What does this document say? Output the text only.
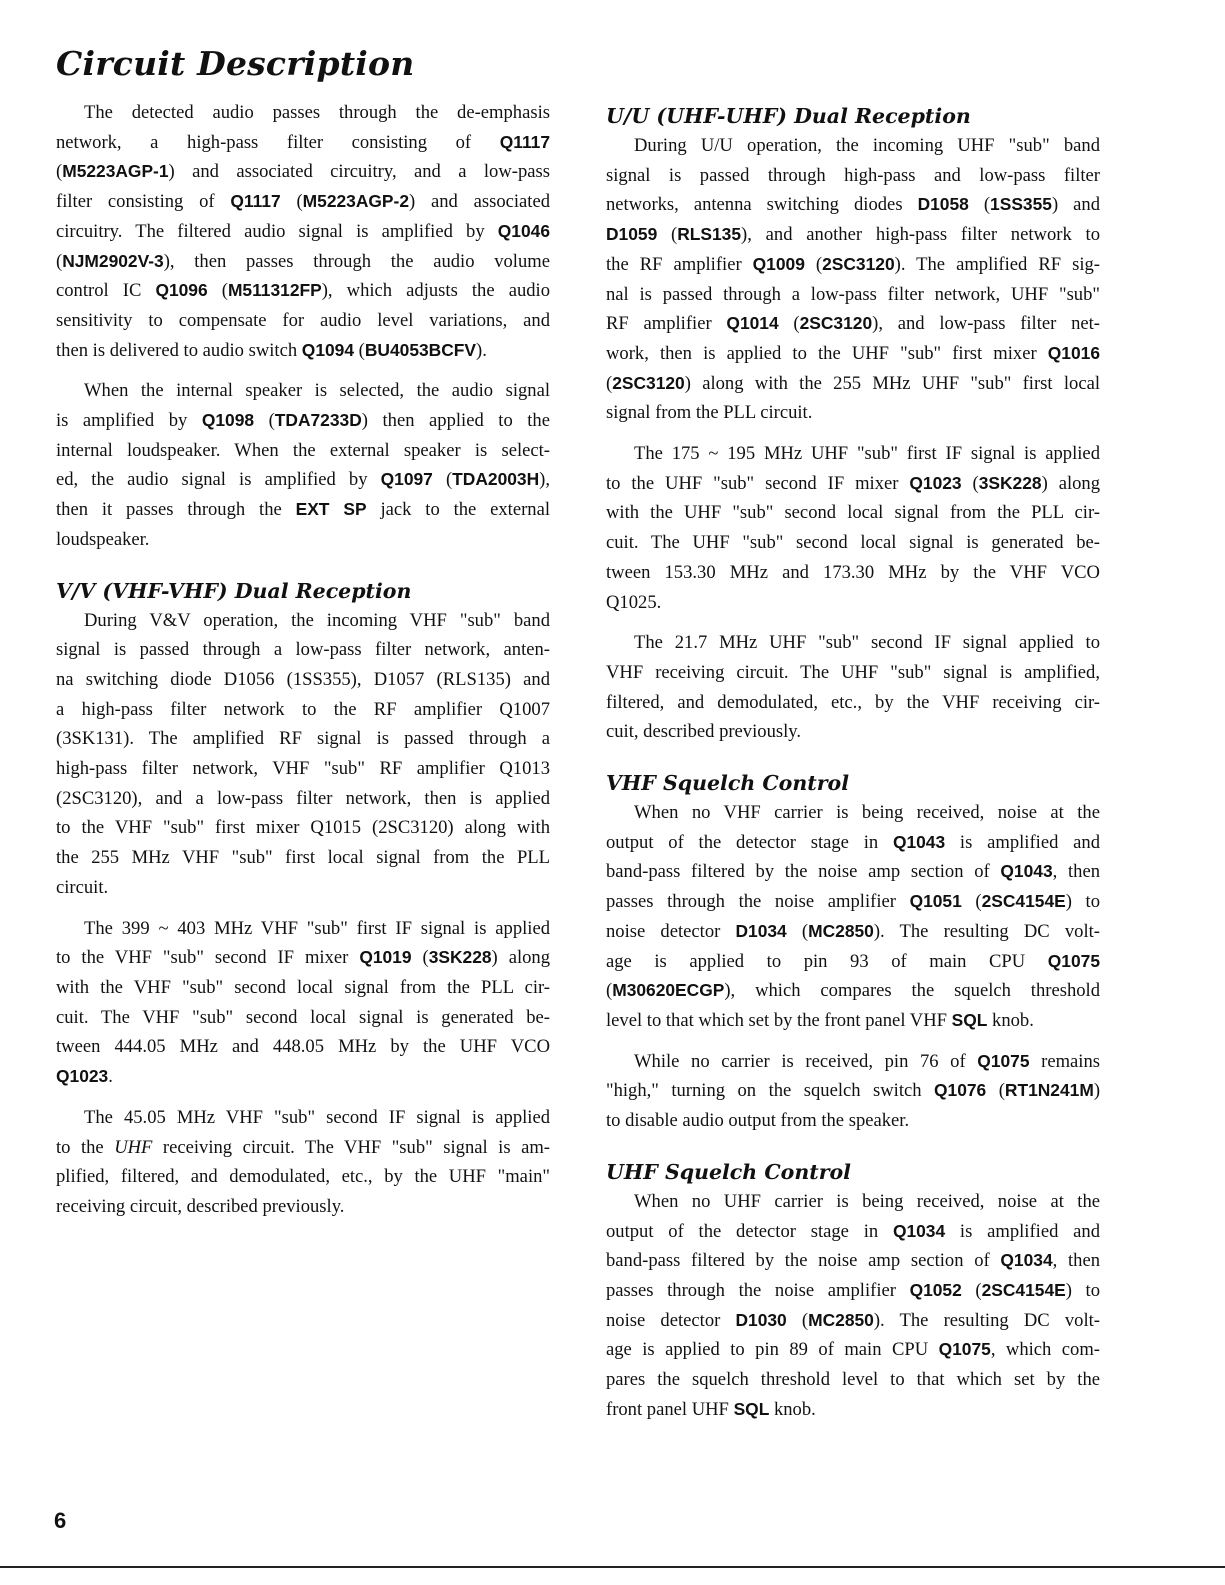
Circuit Description

The detected audio passes through the de-emphasis
network, a high-pass filter consisting of Q1117
(M5223AGP-1) and associated circuitry, and a low-pass
filter consisting of Q1117 (M5223AGP-2) and associated
circuitry. The filtered audio signal is amplified by Q1046
(NJM2902V-3), then passes through the audio volume
control IC Q1096 (M511312FP), which adjusts the audio
sensitivity to compensate for audio level variations, and
then is delivered to audio switch Q1094 (BU4053BCFV).

When the internal speaker is selected, the audio signal
is amplified by Q1098 (TDA7233D) then applied to the
internal loudspeaker. When the external speaker is select-
ed, the audio signal is amplified by Q1097 (TDA2003H),
then it passes through the EXT SP jack to the external
loudspeaker.

V/V (VHF-VHF) Dual Reception

During V&V operation, the incoming VHF "sub" band
signal is passed through a low-pass filter network, anten-
na switching diode D1056 (1SS355), D1057 (RLS135) and
a high-pass filter network to the RF amplifier Q1007
(3SK131). The amplified RF signal is passed through a
high-pass filter network, VHF "sub" RF amplifier Q1013
(2SC3120), and a low-pass filter network, then is applied
to the VHF "sub" first mixer Q1015 (2SC3120) along with
the 255 MHz VHF "sub" first local signal from the PLL
circuit.

The 399 ~ 403 MHz VHF "sub" first IF signal is applied
to the VHF "sub" second IF mixer Q1019 (3SK228) along
with the VHF "sub" second local signal from the PLL cir-
cuit. The VHF "sub" second local signal is generated be-
tween 444.05 MHz and 448.05 MHz by the UHF VCO
Q1023.

The 45.05 MHz VHF "sub" second IF signal is applied
to the UHF receiving circuit. The VHF "sub" signal is am-
plified, filtered, and demodulated, etc., by the UHF "main"
receiving circuit, described previously.

U/U (UHF-UHF) Dual Reception

During U/U operation, the incoming UHF "sub" band
signal is passed through high-pass and low-pass filter
networks, antenna switching diodes D1058 (1SS355) and
D1059 (RLS135), and another high-pass filter network to
the RF amplifier Q1009 (2SC3120). The amplified RF sig-
nal is passed through a low-pass filter network, UHF "sub"
RF amplifier Q1014 (2SC3120), and low-pass filter net-
work, then is applied to the UHF "sub" first mixer Q1016
(2SC3120) along with the 255 MHz UHF "sub" first local
signal from the PLL circuit.

The 175 ~ 195 MHz UHF "sub" first IF signal is applied
to the UHF "sub" second IF mixer Q1023 (3SK228) along
with the UHF "sub" second local signal from the PLL cir-
cuit. The UHF "sub" second local signal is generated be-
tween 153.30 MHz and 173.30 MHz by the VHF VCO
Q1025.

The 21.7 MHz UHF "sub" second IF signal applied to
VHF receiving circuit. The UHF "sub" signal is amplified,
filtered, and demodulated, etc., by the VHF receiving cir-
cuit, described previously.

VHF Squelch Control

When no VHF carrier is being received, noise at the
output of the detector stage in Q1043 is amplified and
band-pass filtered by the noise amp section of Q1043, then
passes through the noise amplifier Q1051 (2SC4154E) to
noise detector D1034 (MC2850). The resulting DC volt-
age is applied to pin 93 of main CPU Q1075
(M30620ECGP), which compares the squelch threshold
level to that which set by the front panel VHF SQL knob.

While no carrier is received, pin 76 of Q1075 remains
"high," turning on the squelch switch Q1076 (RT1N241M)
to disable audio output from the speaker.

UHF Squelch Control

When no UHF carrier is being received, noise at the
output of the detector stage in Q1034 is amplified and
band-pass filtered by the noise amp section of Q1034, then
passes through the noise amplifier Q1052 (2SC4154E) to
noise detector D1030 (MC2850). The resulting DC volt-
age is applied to pin 89 of main CPU Q1075, which com-
pares the squelch threshold level to that which set by the
front panel UHF SQL knob.

6
